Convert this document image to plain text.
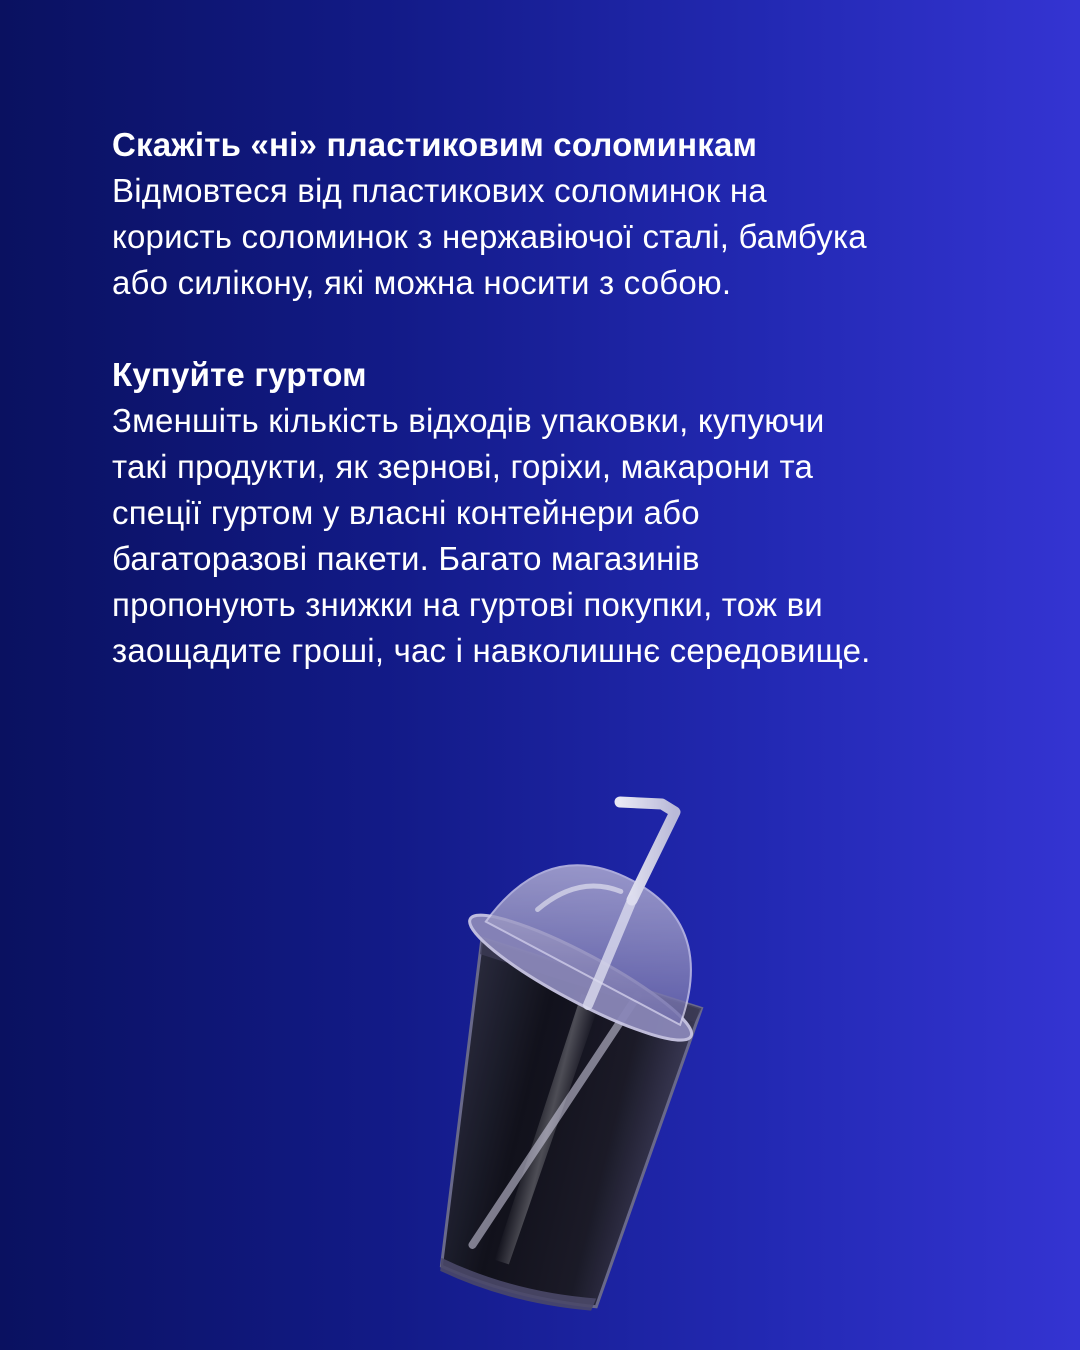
Скажіть «ні» пластиковим соломинкам
Відмовтеся від пластикових соломинок на
користь соломинок з нержавіючої сталі, бамбука
або силікону, які можна носити з собою.
Купуйте гуртом
Зменшіть кількість відходів упаковки, купуючи
такі продукти, як зернові, горіхи, макарони та
спеції гуртом у власні контейнери або
багаторазові пакети. Багато магазинів
пропонують знижки на гуртові покупки, тож ви
заощадите гроші, час і навколишнє середовище.
